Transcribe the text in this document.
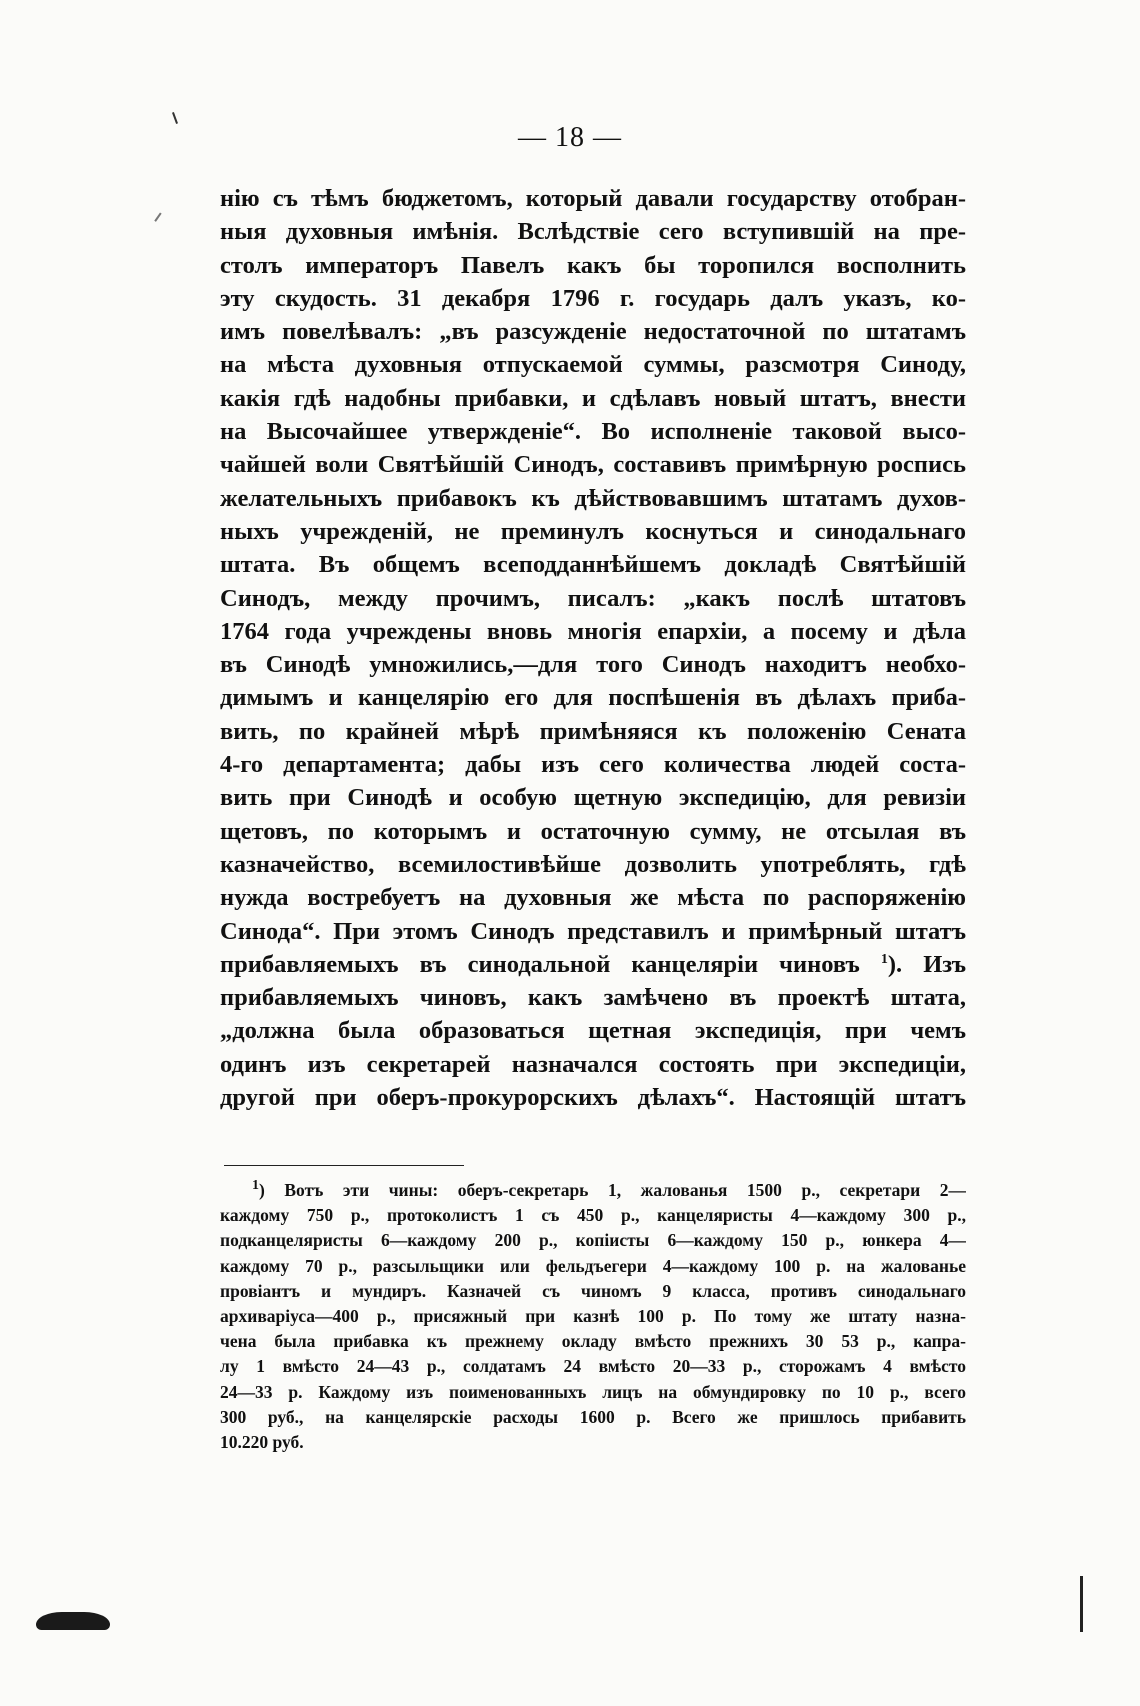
— 18 —
нію съ тѣмъ бюджетомъ, который давали государству отобран-
ныя духовныя имѣнія. Вслѣдствіе сего вступившій на пре-
столъ императоръ Павелъ какъ бы торопился восполнить
эту скудость. 31 декабря 1796 г. государь далъ указъ, ко-
имъ повелѣвалъ: „въ разсужденіе недостаточной по штатамъ
на мѣста духовныя отпускаемой суммы, разсмотря Синоду,
какія гдѣ надобны прибавки, и сдѣлавъ новый штатъ, внести
на Высочайшее утвержденіе“. Во исполненіе таковой высо-
чайшей воли Святѣйшій Синодъ, составивъ примѣрную роспись
желательныхъ прибавокъ къ дѣйствовавшимъ штатамъ духов-
ныхъ учрежденій, не преминулъ коснуться и синодальнаго
штата. Въ общемъ всеподданнѣйшемъ докладѣ Святѣйшій
Синодъ, между прочимъ, писалъ: „какъ послѣ штатовъ
1764 года учреждены вновь многія епархіи, а посему и дѣла
въ Синодѣ умножились,—для того Синодъ находитъ необхо-
димымъ и канцелярію его для поспѣшенія въ дѣлахъ приба-
вить, по крайней мѣрѣ примѣняяся къ положенію Сената
4-го департамента; дабы изъ сего количества людей соста-
вить при Синодѣ и особую щетную экспедицію, для ревизіи
щетовъ, по которымъ и остаточную сумму, не отсылая въ
казначейство, всемилостивѣйше дозволить употреблять, гдѣ
нужда востребуетъ на духовныя же мѣста по распоряженію
Синода“. При этомъ Синодъ представилъ и примѣрный штатъ
прибавляемыхъ въ синодальной канцеляріи чиновъ $^1$). Изъ
прибавляемыхъ чиновъ, какъ замѣчено въ проектѣ штата,
„должна была образоваться щетная экспедиція, при чемъ
одинъ изъ секретарей назначался состоять при экспедиціи,
другой при оберъ-прокурорскихъ дѣлахъ“. Настоящій штатъ
$^1$) Вотъ эти чины: оберъ-секретарь 1, жалованья 1500 р., секретари 2—
каждому 750 р., протоколистъ 1 съ 450 р., канцеляристы 4—каждому 300 р.,
подканцеляристы 6—каждому 200 р., копіисты 6—каждому 150 р., юнкера 4—
каждому 70 р., разсыльщики или фельдъегери 4—каждому 100 р. на жалованье
провіантъ и мундиръ. Казначей съ чиномъ 9 класса, противъ синодальнаго
архиваріуса—400 р., присяжный при казнѣ 100 р. По тому же штату назна-
чена была прибавка къ прежнему окладу вмѣсто прежнихъ 30 53 р., капра-
лу 1 вмѣсто 24—43 р., солдатамъ 24 вмѣсто 20—33 р., сторожамъ 4 вмѣсто
24—33 р. Каждому изъ поименованныхъ лицъ на обмундировку по 10 р., всего
300 руб., на канцелярскіе расходы 1600 р. Всего же пришлось прибавить
10.220 руб.
